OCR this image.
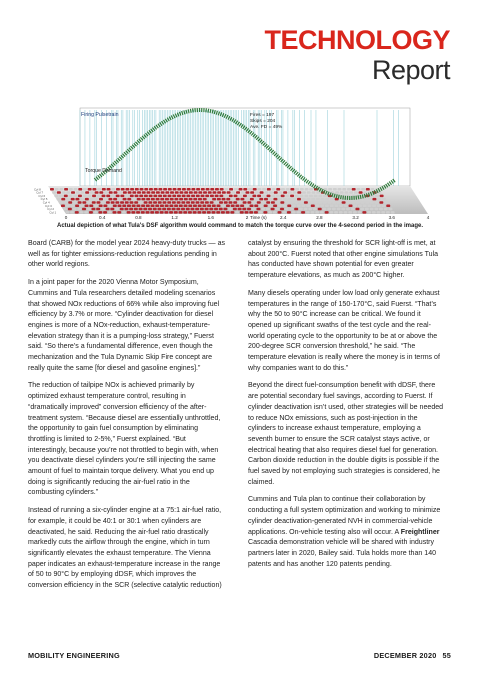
TECHNOLOGY
Report
Cyl 8
Cyl 7
Cyl 6
Cyl 5
Cyl 4
Cyl 3
Cyl 2
Cyl 1
Firing Pulsetrain
Torque Demand
Fires = 197
Skips = 204
Ave. FD = 49%
0	0.4	0.8	1.2	1.6	2	2.4	2.8	3.2	3.6	4
Time (s)
Actual depiction of what Tula's DSF algorithm would command to match the torque curve over the 4-second period in the image.

Board (CARB) for the model year 2024 heavy-duty trucks — as well as for tighter emissions-reduction regulations pending in other world regions.

In a joint paper for the 2020 Vienna Motor Symposium, Cummins and Tula researchers detailed modeling scenarios that showed NOx reductions of 66% while also improving fuel efficiency by 3.7% or more. “Cylinder deactivation for diesel engines is more of a NOx-reduction, exhaust-temperature-elevation strategy than it is a pumping-loss strategy,” Fuerst said. “So there’s a fundamental difference, even though the mechanization and the Tula Dynamic Skip Fire concept are really quite the same [for diesel and gasoline engines].”

The reduction of tailpipe NOx is achieved primarily by optimized exhaust temperature control, resulting in “dramatically improved” conversion efficiency of the after-treatment system. “Because diesel are essentially unthrottled, the opportunity to gain fuel consumption by eliminating throttling is limited to 2-5%,” Fuerst explained. “But interestingly, because you’re not throttled to begin with, when you deactivate diesel cylinders you’re still injecting the same amount of fuel to maintain torque delivery. What you end up doing is significantly reducing the air-fuel ratio in the combusting cylinders.”

Instead of running a six-cylinder engine at a 75:1 air-fuel ratio, for example, it could be 40:1 or 30:1 when cylinders are deactivated, he said. Reducing the air-fuel ratio drastically markedly cuts the airflow through the engine, which in turn significantly elevates the exhaust temperature. The Vienna paper indicates an exhaust-temperature increase in the range of 50 to 90°C by employing dDSF, which improves the conversion efficiency in the SCR (selective catalytic reduction)

catalyst by ensuring the threshold for SCR light-off is met, at about 200°C. Fuerst noted that other engine simulations Tula has conducted have shown potential for even greater temperature elevations, as much as 200°C higher.

Many diesels operating under low load only generate exhaust temperatures in the range of 150-170°C, said Fuerst. “That’s why the 50 to 90°C increase can be critical. We found it opened up significant swaths of the test cycle and the real-world operating cycle to the opportunity to be at or above the 200-degree SCR conversion threshold,” he said. “The temperature elevation is really where the money is in terms of why companies want to do this.”

Beyond the direct fuel-consumption benefit with dDSF, there are potential secondary fuel savings, according to Fuerst. If cylinder deactivation isn’t used, other strategies will be needed to reduce NOx emissions, such as post-injection in the cylinders to increase exhaust temperature, employing a seventh burner to ensure the SCR catalyst stays active, or electrical heating that also requires diesel fuel for generation. Carbon dioxide reduction in the double digits is possible if the fuel saved by not employing such strategies is considered, he claimed.

Cummins and Tula plan to continue their collaboration by conducting a full system optimization and working to minimize cylinder deactivation-generated NVH in commercial-vehicle applications. On-vehicle testing also will occur. A Freightliner Cascadia demonstration vehicle will be shared with industry partners later in 2020, Bailey said. Tula holds more than 140 patents and has another 120 patents pending.

MOBILITY ENGINEERING	DECEMBER 2020 55
